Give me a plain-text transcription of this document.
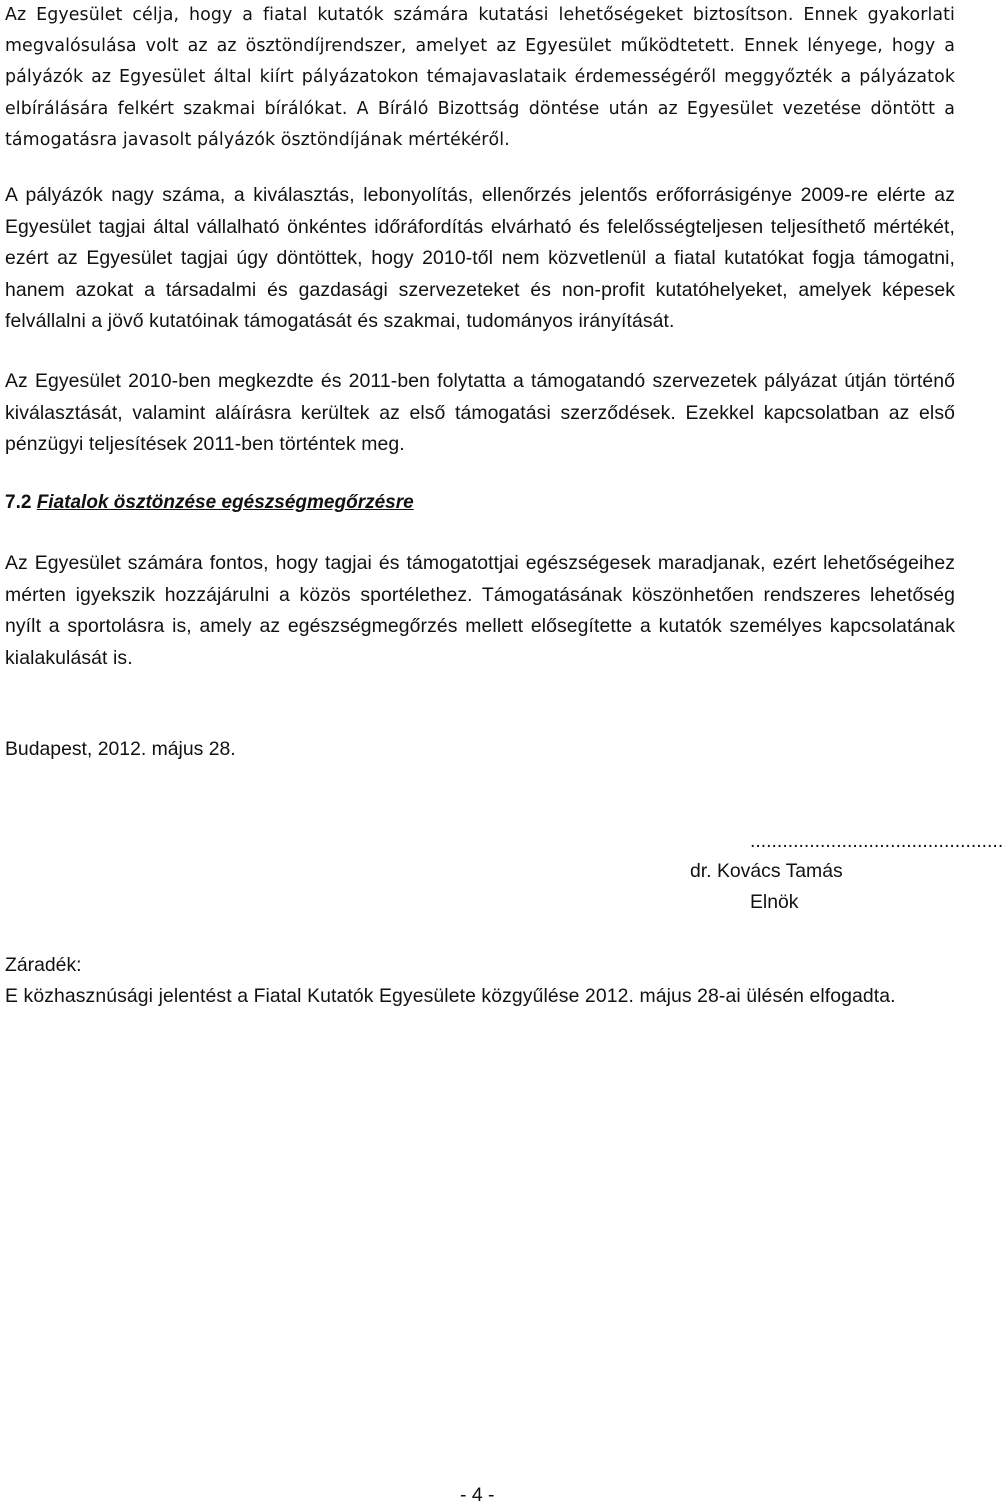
Az Egyesület célja, hogy a fiatal kutatók számára kutatási lehetőségeket biztosítson. Ennek gyakorlati megvalósulása volt az az ösztöndíjrendszer, amelyet az Egyesület működtetett. Ennek lényege, hogy a pályázók az Egyesület által kiírt pályázatokon témajavaslataik érdemességéről meggyőzték a pályázatok elbírálására felkért szakmai bírálókat. A Bíráló Bizottság döntése után az Egyesület vezetése döntött a támogatásra javasolt pályázók ösztöndíjának mértékéről.

A pályázók nagy száma, a kiválasztás, lebonyolítás, ellenőrzés jelentős erőforrásigénye 2009-re elérte az Egyesület tagjai által vállalható önkéntes időráfordítás elvárható és felelősségteljesen teljesíthető mértékét, ezért az Egyesület tagjai úgy döntöttek, hogy 2010-től nem közvetlenül a fiatal kutatókat fogja támogatni, hanem azokat a társadalmi és gazdasági szervezeteket és non-profit kutatóhelyeket, amelyek képesek felvállalni a jövő kutatóinak támogatását és szakmai, tudományos irányítását.

Az Egyesület 2010-ben megkezdte és 2011-ben folytatta a támogatandó szervezetek pályázat útján történő kiválasztását, valamint aláírásra kerültek az első támogatási szerződések. Ezekkel kapcsolatban az első pénzügyi teljesítések 2011-ben történtek meg.

7.2 Fiatalok ösztönzése egészségmegőrzésre

Az Egyesület számára fontos, hogy tagjai és támogatottjai egészségesek maradjanak, ezért lehetőségeihez mérten igyekszik hozzájárulni a közös sportélethez. Támogatásának köszönhetően rendszeres lehetőség nyílt a sportolásra is, amely az egészségmegőrzés mellett elősegítette a kutatók személyes kapcsolatának kialakulását is.

Budapest, 2012. május 28.

...............................................

dr. Kovács Tamás

Elnök

Záradék:

E közhasznúsági jelentést a Fiatal Kutatók Egyesülete közgyűlése 2012. május 28-ai ülésén elfogadta.

- 4 -
